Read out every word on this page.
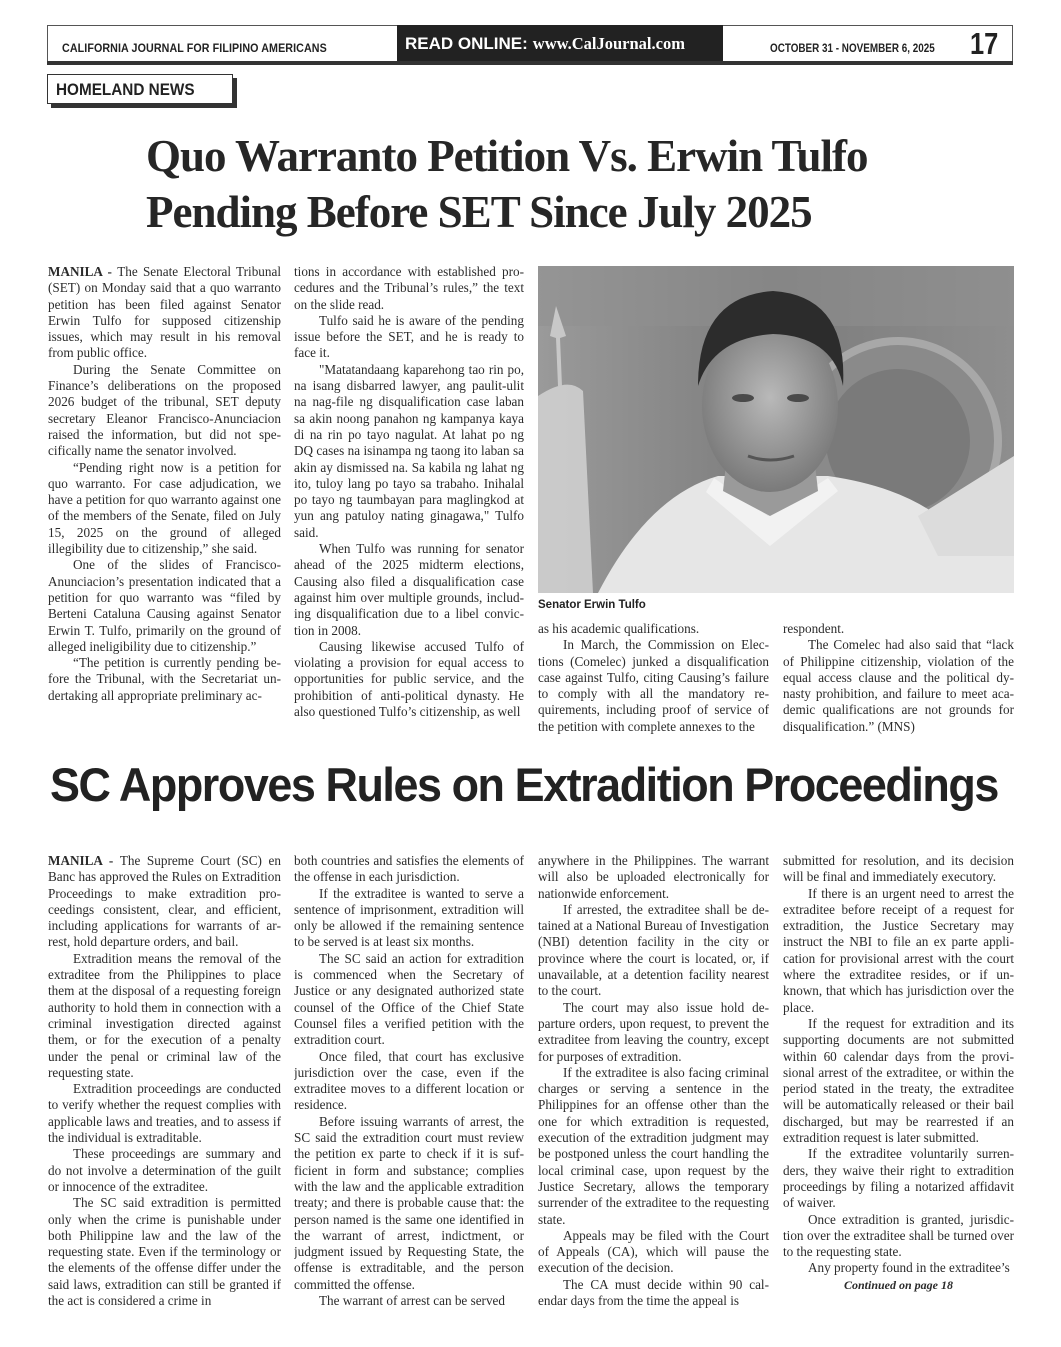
CALIFORNIA JOURNAL FOR FILIPINO AMERICANS	READ ONLINE: www.CalJournal.com	OCTOBER 31 - NOVEMBER 6, 2025 17
HOMELAND NEWS
Quo Warranto Petition Vs. Erwin Tulfo
Pending Before SET Since July 2025

MANILA - The Senate Electoral Tribunal (SET) on Monday said that a quo warranto petition has been filed against Senator Erwin Tulfo for supposed citizenship issues, which may result in his removal from public office.

During the Senate Committee on Finance’s deliberations on the proposed 2026 budget of the tribunal, SET deputy secretary Eleanor Francisco-Anunciacion raised the information, but did not specifically name the senator involved.

“Pending right now is a petition for quo warranto. For case adjudication, we have a petition for quo warranto against one of the members of the Senate, filed on July 15, 2025 on the ground of alleged illegibility due to citizenship,” she said.

One of the slides of Francisco-Anunciacion’s presentation indicated that a petition for quo warranto was “filed by Berteni Cataluna Causing against Senator Erwin T. Tulfo, primarily on the ground of alleged ineligibility due to citizenship.”

“The petition is currently pending before the Tribunal, with the Secretariat undertaking all appropriate preliminary ac-

tions in accordance with established procedures and the Tribunal’s rules,” the text on the slide read.

Tulfo said he is aware of the pending issue before the SET, and he is ready to face it.

"Matatandaang kaparehong tao rin po, na isang disbarred lawyer, ang paulit-ulit na nag-file ng disqualification case laban sa akin noong panahon ng kampanya kaya di na rin po tayo nagulat. At lahat po ng DQ cases na isinampa ng taong ito laban sa akin ay dismissed na. Sa kabila ng lahat ng ito, tuloy lang po tayo sa trabaho. Inihalal po tayo ng taumbayan para maglingkod at yun ang patuloy nating ginagawa," Tulfo said.

When Tulfo was running for senator ahead of the 2025 midterm elections, Causing also filed a disqualification case against him over multiple grounds, including disqualification due to a libel conviction in 2008.

Causing likewise accused Tulfo of violating a provision for equal access to opportunities for public service, and the prohibition of anti-political dynasty. He also questioned Tulfo’s citizenship, as well

Senator Erwin Tulfo

as his academic qualifications.

In March, the Commission on Elections (Comelec) junked a disqualification case against Tulfo, citing Causing’s failure to comply with all the mandatory requirements, including proof of service of the petition with complete annexes to the

respondent.

The Comelec had also said that “lack of Philippine citizenship, violation of the equal access clause and the political dynasty prohibition, and failure to meet academic qualifications are not grounds for disqualification.” (MNS)

SC Approves Rules on Extradition Proceedings

MANILA - The Supreme Court (SC) en Banc has approved the Rules on Extradition Proceedings to make extradition proceedings consistent, clear, and efficient, including applications for warrants of arrest, hold departure orders, and bail.

Extradition means the removal of the extraditee from the Philippines to place them at the disposal of a requesting foreign authority to hold them in connection with a criminal investigation directed against them, or for the execution of a penalty under the penal or criminal law of the requesting state.

Extradition proceedings are conducted to verify whether the request complies with applicable laws and treaties, and to assess if the individual is extraditable.

These proceedings are summary and do not involve a determination of the guilt or innocence of the extraditee.

The SC said extradition is permitted only when the crime is punishable under both Philippine law and the law of the requesting state. Even if the terminology or the elements of the offense differ under the said laws, extradition can still be granted if the act is considered a crime in

both countries and satisfies the elements of the offense in each jurisdiction.

If the extraditee is wanted to serve a sentence of imprisonment, extradition will only be allowed if the remaining sentence to be served is at least six months.

The SC said an action for extradition is commenced when the Secretary of Justice or any designated authorized state counsel of the Office of the Chief State Counsel files a verified petition with the extradition court.

Once filed, that court has exclusive jurisdiction over the case, even if the extraditee moves to a different location or residence.

Before issuing warrants of arrest, the SC said the extradition court must review the petition ex parte to check if it is sufficient in form and substance; complies with the law and the applicable extradition treaty; and there is probable cause that: the person named is the same one identified in the warrant of arrest, indictment, or judgment issued by Requesting State, the offense is extraditable, and the person committed the offense.

The warrant of arrest can be served

anywhere in the Philippines. The warrant will also be uploaded electronically for nationwide enforcement.

If arrested, the extraditee shall be detained at a National Bureau of Investigation (NBI) detention facility in the city or province where the court is located, or, if unavailable, at a detention facility nearest to the court.

The court may also issue hold departure orders, upon request, to prevent the extraditee from leaving the country, except for purposes of extradition.

If the extraditee is also facing criminal charges or serving a sentence in the Philippines for an offense other than the one for which extradition is requested, execution of the extradition judgment may be postponed unless the court handling the local criminal case, upon request by the Justice Secretary, allows the temporary surrender of the extraditee to the requesting state.

Appeals may be filed with the Court of Appeals (CA), which will pause the execution of the decision.

The CA must decide within 90 calendar days from the time the appeal is

submitted for resolution, and its decision will be final and immediately executory.

If there is an urgent need to arrest the extraditee before receipt of a request for extradition, the Justice Secretary may instruct the NBI to file an ex parte application for provisional arrest with the court where the extraditee resides, or if unknown, that which has jurisdiction over the place.

If the request for extradition and its supporting documents are not submitted within 60 calendar days from the provisional arrest of the extraditee, or within the period stated in the treaty, the extraditee will be automatically released or their bail discharged, but may be rearrested if an extradition request is later submitted.

If the extraditee voluntarily surrenders, they waive their right to extradition proceedings by filing a notarized affidavit of waiver.

Once extradition is granted, jurisdiction over the extraditee shall be turned over to the requesting state.

Any property found in the extraditee’s

Continued on page 18
